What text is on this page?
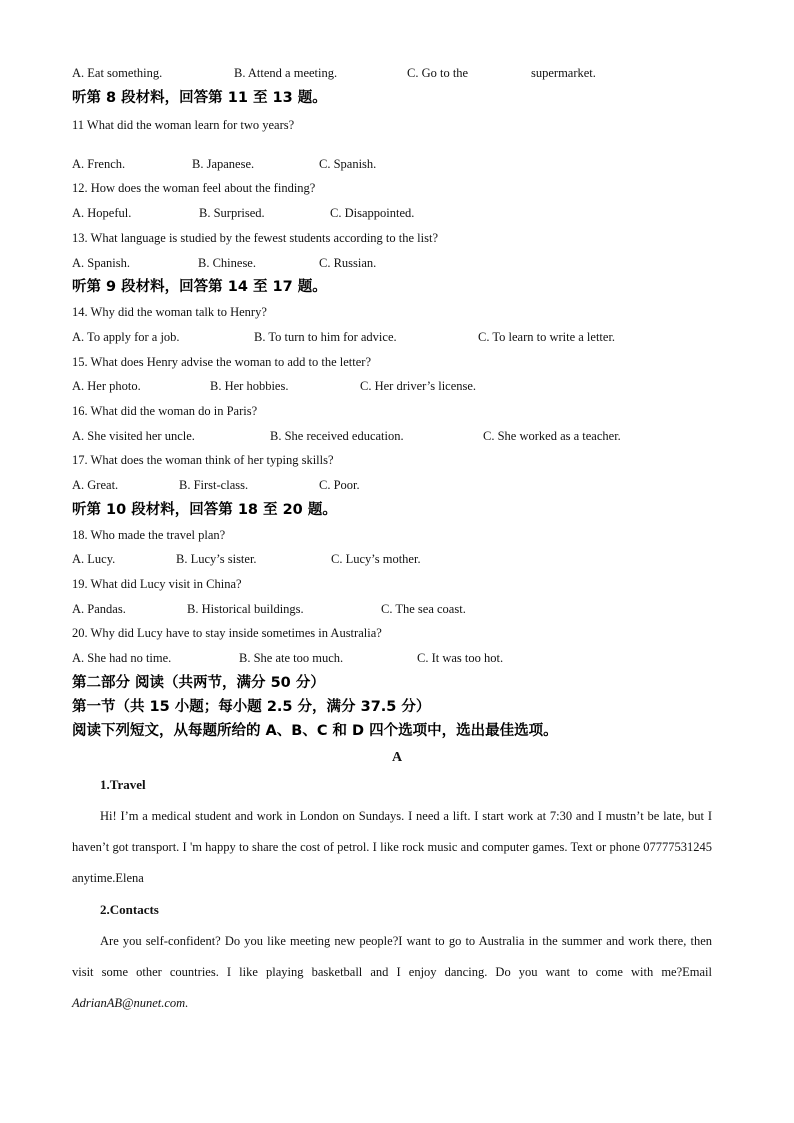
A. Eat something.	B. Attend a meeting.	C. Go to the	supermarket.
听第 8 段材料，回答第 11 至 13 题。
11 What did the woman learn for two years?
A. French.	B. Japanese.	C. Spanish.
12. How does the woman feel about the finding?
A. Hopeful.	B. Surprised.	C. Disappointed.
13. What language is studied by the fewest students according to the list?
A. Spanish.	B. Chinese.	C. Russian.
听第 9 段材料，回答第 14 至 17 题。
14. Why did the woman talk to Henry?
A. To apply for a job.	B. To turn to him for advice.	C. To learn to write a letter.
15. What does Henry advise the woman to add to the letter?
A. Her photo.	B. Her hobbies.	C. Her driver’s license.
16. What did the woman do in Paris?
A. She visited her uncle.	B. She received education.	C. She worked as a teacher.
17. What does the woman think of her typing skills?
A. Great.	B. First-class.	C. Poor.
听第 10 段材料，回答第 18 至 20 题。
18. Who made the travel plan?
A. Lucy.	B. Lucy’s sister.	C. Lucy’s mother.
19. What did Lucy visit in China?
A. Pandas.	B. Historical buildings.	C. The sea coast.
20. Why did Lucy have to stay inside sometimes in Australia?
A. She had no time.	B. She ate too much.	C. It was too hot.
第二部分 阅读（共两节，满分 50 分）
第一节（共 15 小题；每小题 2.5 分，满分 37.5 分）
阅读下列短文，从每题所给的 A、B、C 和 D 四个选项中，选出最佳选项。
A
1.Travel
Hi! I’m a medical student and work in London on Sundays. I need a lift. I start work at 7:30 and I mustn’t be late, but I haven’t got transport. I 'm happy to share the cost of petrol. I like rock music and computer games. Text or phone 07777531245 anytime.Elena
2.Contacts
Are you self-confident? Do you like meeting new people?I want to go to Australia in the summer and work there, then visit some other countries. I like playing basketball and I enjoy dancing. Do you want to come with me?Email AdrianAB@nunet.com.
